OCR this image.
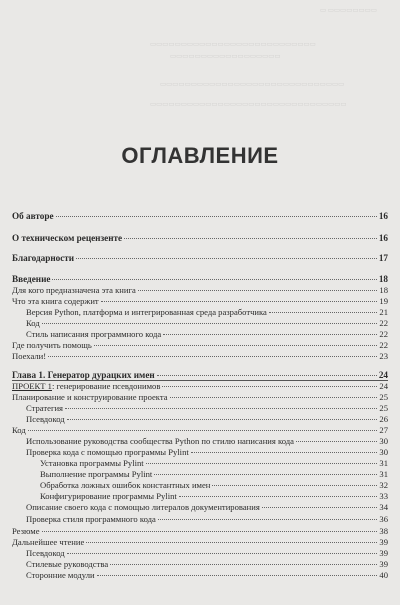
▭ ▭▭▭▭▭▭▭▭
▭▭▭▭▭▭▭▭▭▭▭▭▭▭▭▭▭▭▭▭▭▭▭▭▭▭▭
▭▭▭▭▭▭▭▭▭▭▭▭▭▭▭▭▭▭
▭▭▭▭▭▭▭▭▭▭▭▭▭▭▭▭▭▭▭▭▭▭▭▭▭▭▭▭▭▭
▭▭▭▭▭▭▭▭▭▭▭▭▭▭▭▭▭▭▭▭▭▭▭▭▭▭▭▭▭▭▭▭
ОГЛАВЛЕНИЕ
Об авторе	16
О техническом рецензенте	16
Благодарности	17
Введение	18
Для кого предназначена эта книга	18
Что эта книга содержит	19
Версия Python, платформа и интегрированная среда разработчика	21
Код	22
Стиль написания программного кода	22
Где получить помощь	22
Поехали!	23
Глава 1. Генератор дурацких имен	24
ПРОЕКТ 1: генерирование псевдонимов	24
Планирование и конструирование проекта	25
Стратегия	25
Псевдокод	26
Код	27
Использование руководства сообщества Python по стилю написания кода	30
Проверка кода с помощью программы Pylint	30
Установка программы Pylint	31
Выполнение программы Pylint	31
Обработка ложных ошибок константных имен	32
Конфигурирование программы Pylint	33
Описание своего кода с помощью литералов документирования	34
Проверка стиля программного кода	36
Резюме	38
Дальнейшее чтение	39
Псевдокод	39
Стилевые руководства	39
Сторонние модули	40
